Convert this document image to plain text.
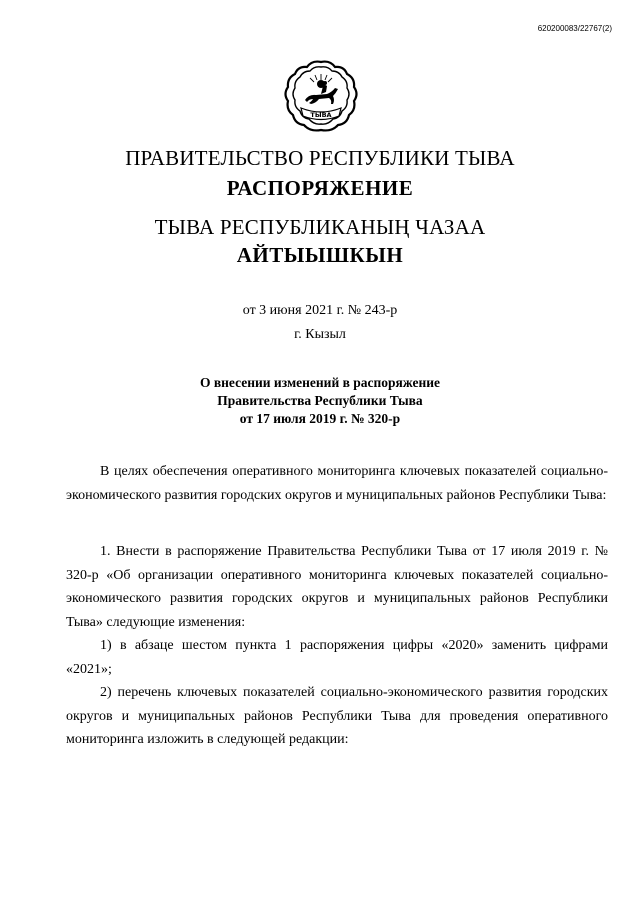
620200083/22767(2)
ТЫВА
ПРАВИТЕЛЬСТВО РЕСПУБЛИКИ ТЫВА
РАСПОРЯЖЕНИЕ
ТЫВА РЕСПУБЛИКАНЫҢ ЧАЗАА
АЙТЫЫШКЫН
от 3 июня 2021 г. № 243-р
г. Кызыл
О внесении изменений в распоряжение
Правительства Республики Тыва
от 17 июля 2019 г. № 320-р

В целях обеспечения оперативного мониторинга ключевых показателей социально-экономического развития городских округов и муниципальных районов Республики Тыва:

1. Внести в распоряжение Правительства Республики Тыва от 17 июля 2019 г. № 320-р «Об организации оперативного мониторинга ключевых показателей социально-экономического развития городских округов и муниципальных районов Республики Тыва» следующие изменения:

1) в абзаце шестом пункта 1 распоряжения цифры «2020» заменить цифрами «2021»;

2) перечень ключевых показателей социально-экономического развития городских округов и муниципальных районов Республики Тыва для проведения оперативного мониторинга изложить в следующей редакции:
